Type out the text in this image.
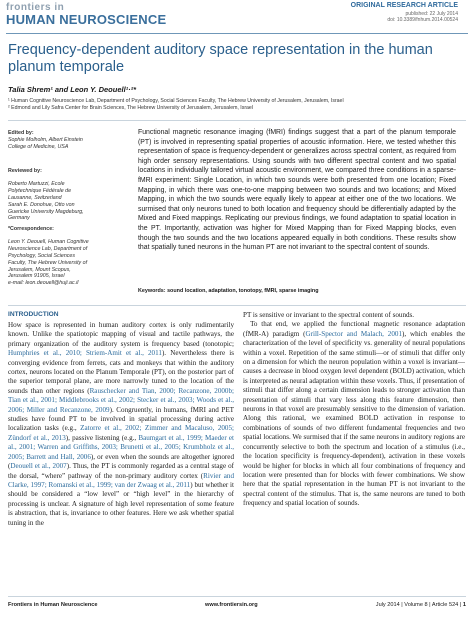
frontiers in
HUMAN NEUROSCIENCE
ORIGINAL RESEARCH ARTICLE
published: 22 July 2014
doi: 10.3389/fnhum.2014.00524
Frequency-dependent auditory space representation in the human planum temporale
Talia Shrem¹ and Leon Y. Deouell¹·²*
¹ Human Cognitive Neuroscience Lab, Department of Psychology, Social Sciences Faculty, The Hebrew University of Jerusalem, Jerusalem, Israel
² Edmond and Lily Safra Center for Brain Sciences, The Hebrew University of Jerusalem, Jerusalem, Israel
Edited by:
Sophie Molholm, Albert Einstein College of Medicine, USA

Reviewed by:

Roberto Martuzzi, Ecole Polytechnique Fédérale de Lausanne, Switzerland
Sarah E. Donohue, Otto von Guericke University Magdeburg, Germany

*Correspondence:

Leon Y. Deouell, Human Cognitive Neuroscience Lab, Department of Psychology, Social Sciences Faculty, The Hebrew University of Jerusalem, Mount Scopus, Jerusalem 91905, Israel
e-mail: leon.deouell@huji.ac.il

Functional magnetic resonance imaging (fMRI) findings suggest that a part of the planum temporale (PT) is involved in representing spatial properties of acoustic information. Here, we tested whether this representation of space is frequency-dependent or generalizes across spectral content, as required from high order sensory representations. Using sounds with two different spectral content and two spatial locations in individually tailored virtual acoustic environment, we compared three conditions in a sparse-fMRI experiment: Single Location, in which two sounds were both presented from one location; Fixed Mapping, in which there was one-to-one mapping between two sounds and two locations; and Mixed Mapping, in which the two sounds were equally likely to appear at either one of the two locations. We surmised that only neurons tuned to both location and frequency should be differentially adapted by the Mixed and Fixed mappings. Replicating our previous findings, we found adaptation to spatial location in the PT. Importantly, activation was higher for Mixed Mapping than for Fixed Mapping blocks, even though the two sounds and the two locations appeared equally in both conditions. These results show that spatially tuned neurons in the human PT are not invariant to the spectral content of sounds.
Keywords: sound location, adaptation, tonotopy, fMRI, sparse imaging
INTRODUCTION
How space is represented in human auditory cortex is only rudimentarily known. Unlike the spatiotopic mapping of visual and tactile pathways, the primary organization of the auditory system is frequency based (tonotopic; Humphries et al., 2010; Striem-Amit et al., 2011). Nevertheless there is converging evidence from ferrets, cats and monkeys that within the auditory cortex, neurons located on the Planum Temporale (PT), on the posterior part of the superior temporal plane, are more narrowly tuned to the location of the sounds than other regions (Rauschecker and Tian, 2000; Recanzone, 2000b; Tian et al., 2001; Middlebrooks et al., 2002; Stecker et al., 2003; Woods et al., 2006; Miller and Recanzone, 2009). Congruently, in humans, fMRI and PET studies have found PT to be involved in spatial processing during active localization tasks (e.g., Zatorre et al., 2002; Zimmer and Macaluso, 2005; Zündorf et al., 2013), passive listening (e.g., Baumgart et al., 1999; Maeder et al., 2001; Warren and Griffiths, 2003; Brunetti et al., 2005; Krumbholz et al., 2005; Barrett and Hall, 2006), or even when the sounds are altogether ignored (Deouell et al., 2007). Thus, the PT is commonly regarded as a central stage of the dorsal, “where” pathway of the non-primary auditory cortex (Rivier and Clarke, 1997; Romanski et al., 1999; van der Zwaag et al., 2011) but whether it should be considered a “low level” or “high level” in the hierarchy of processing is unclear. A signature of high level representation of some feature is abstraction, that is, invariance to other features. Here we ask whether spatial tuning in the
PT is sensitive or invariant to the spectral content of sounds.
 To that end, we applied the functional magnetic resonance adaptation (fMR-A) paradigm (Grill-Spector and Malach, 2001), which enables the characterization of the level of specificity vs. generality of neural populations within a voxel. Repetition of the same stimuli—or of stimuli that differ only on a dimension for which the neuron population within a voxel is invariant—causes a decrease in blood oxygen level dependent (BOLD) activation, which is interpreted as neural adaptation within these voxels. Thus, if presentation of stimuli that differ along a certain dimension leads to stronger activation than presentation of stimuli that vary less along this feature dimension, then neurons in that voxel are presumably sensitive to the dimension of variation. Along this rational, we examined BOLD activation in response to combinations of sounds of two different fundamental frequencies and two spatial locations. We surmised that if the same neurons in auditory regions are concurrently selective to both the spectrum and location of a stimulus (i.e., the location specificity is frequency-dependent), activation in these voxels would be higher for blocks in which all four combinations of frequency and location were presented than for blocks with fewer combinations. We show here that the spatial representation in the human PT is not invariant to the spectral content of the stimulus. That is, the same neurons are tuned to both frequency and spatial location of sounds.
Frontiers in Human Neuroscience	www.frontiersin.org	July 2014 | Volume 8 | Article 524 | 1
